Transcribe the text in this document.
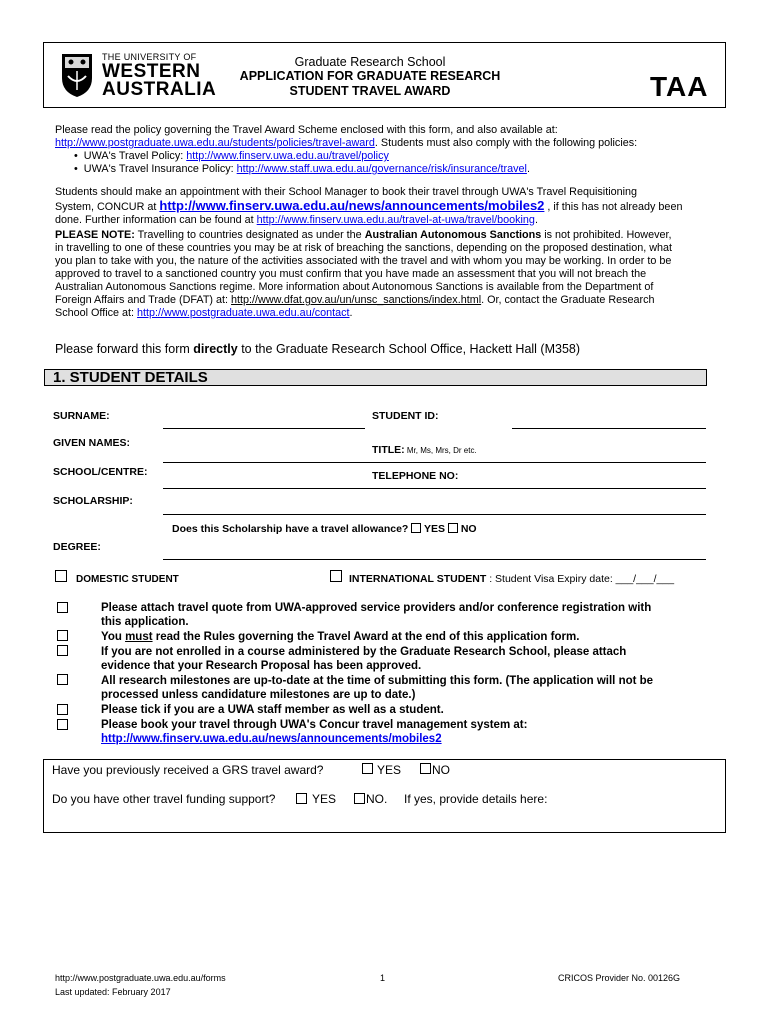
THE UNIVERSITY OF
WESTERN
AUSTRALIA
Graduate Research School
APPLICATION FOR GRADUATE RESEARCH
STUDENT TRAVEL AWARD	TAA
Please read the policy governing the Travel Award Scheme enclosed with this form, and also available at:
http://www.postgraduate.uwa.edu.au/students/policies/travel-award. Students must also comply with the following policies:
•  UWA's Travel Policy: http://www.finserv.uwa.edu.au/travel/policy
•  UWA's Travel Insurance Policy: http://www.staff.uwa.edu.au/governance/risk/insurance/travel.
Students should make an appointment with their School Manager to book their travel through UWA's Travel Requisitioning
System, CONCUR at http://www.finserv.uwa.edu.au/news/announcements/mobiles2 , if this has not already been
done. Further information can be found at http://www.finserv.uwa.edu.au/travel-at-uwa/travel/booking.
PLEASE NOTE: Travelling to countries designated as under the Australian Autonomous Sanctions is not prohibited. However,
in travelling to one of these countries you may be at risk of breaching the sanctions, depending on the proposed destination, what
you plan to take with you, the nature of the activities associated with the travel and with whom you may be working. In order to be
approved to travel to a sanctioned country you must confirm that you have made an assessment that you will not breach the
Australian Autonomous Sanctions regime. More information about Autonomous Sanctions is available from the Department of
Foreign Affairs and Trade (DFAT) at: http://www.dfat.gov.au/un/unsc_sanctions/index.html. Or, contact the Graduate Research
School Office at: http://www.postgraduate.uwa.edu.au/contact.
Please forward this form directly to the Graduate Research School Office, Hackett Hall (M358)
1. STUDENT DETAILS
SURNAME:	STUDENT ID:
GIVEN NAMES:
TITLE: Mr, Ms, Mrs, Dr etc.
SCHOOL/CENTRE:	TELEPHONE NO:
SCHOLARSHIP:
Does this Scholarship have a travel allowance?  YES  NO
DEGREE:
DOMESTIC STUDENT	INTERNATIONAL STUDENT : Student Visa Expiry date: ___/___/___
Please attach travel quote from UWA-approved service providers and/or conference registration with
this application.
You must read the Rules governing the Travel Award at the end of this application form.
If you are not enrolled in a course administered by the Graduate Research School, please attach
evidence that your Research Proposal has been approved.
All research milestones are up-to-date at the time of submitting this form. (The application will not be
processed unless candidature milestones are up to date.)
Please tick if you are a UWA staff member as well as a student.
Please book your travel through UWA's Concur travel management system at:
http://www.finserv.uwa.edu.au/news/announcements/mobiles2
Have you previously received a GRS travel award?	YES	NO
Do you have other travel funding support?	YES NO. If yes, provide details here:
http://www.postgraduate.uwa.edu.au/forms
Last updated: February 2017
1	CRICOS Provider No. 00126G
